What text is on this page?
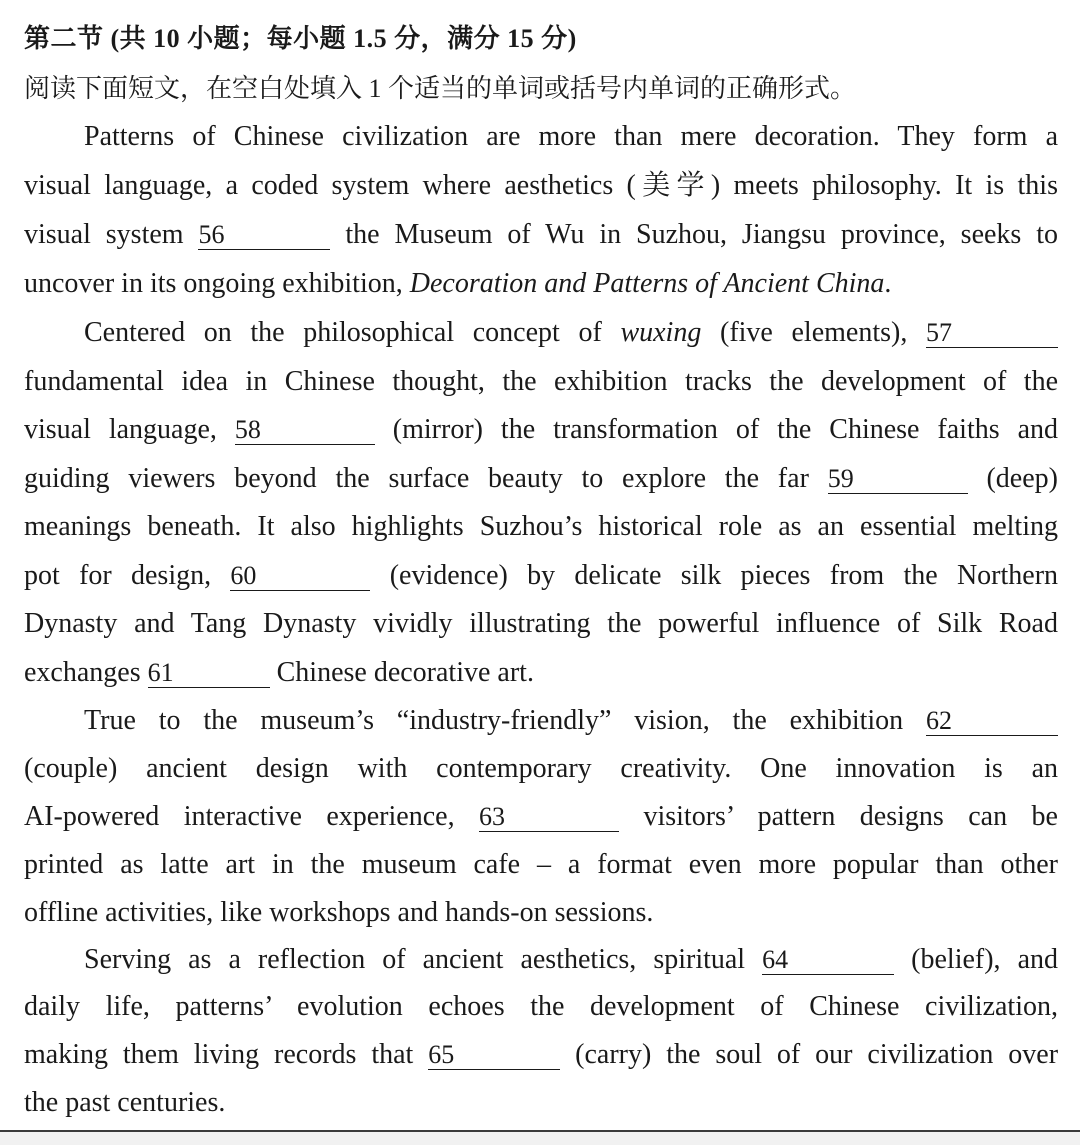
第二节 (共 10 小题；每小题 1.5 分，满分 15 分)
阅读下面短文，在空白处填入 1 个适当的单词或括号内单词的正确形式。
Patterns of Chinese civilization are more than mere decoration. They form a
visual language, a coded system where aesthetics (美学) meets philosophy. It is this
visual system 56	the Museum of Wu in Suzhou, Jiangsu province, seeks to
uncover in its ongoing exhibition, Decoration and Patterns of Ancient China.
Centered on the philosophical concept of wuxing (five elements), 57
fundamental idea in Chinese thought, the exhibition tracks the development of the
visual language, 58	(mirror) the transformation of the Chinese faiths and
guiding viewers beyond the surface beauty to explore the far 59	(deep)
meanings beneath. It also highlights Suzhou’s historical role as an essential melting
pot for design, 60	(evidence) by delicate silk pieces from the Northern
Dynasty and Tang Dynasty vividly illustrating the powerful influence of Silk Road
exchanges 61	Chinese decorative art.
True to the museum’s “industry-friendly” vision, the exhibition 62
(couple) ancient design with contemporary creativity. One innovation is an
AI-powered interactive experience, 63	visitors’ pattern designs can be
printed as latte art in the museum cafe – a format even more popular than other
offline activities, like workshops and hands-on sessions.
Serving as a reflection of ancient aesthetics, spiritual 64	(belief), and
daily life, patterns’ evolution echoes the development of Chinese civilization,
making them living records that 65	(carry) the soul of our civilization over
the past centuries.
